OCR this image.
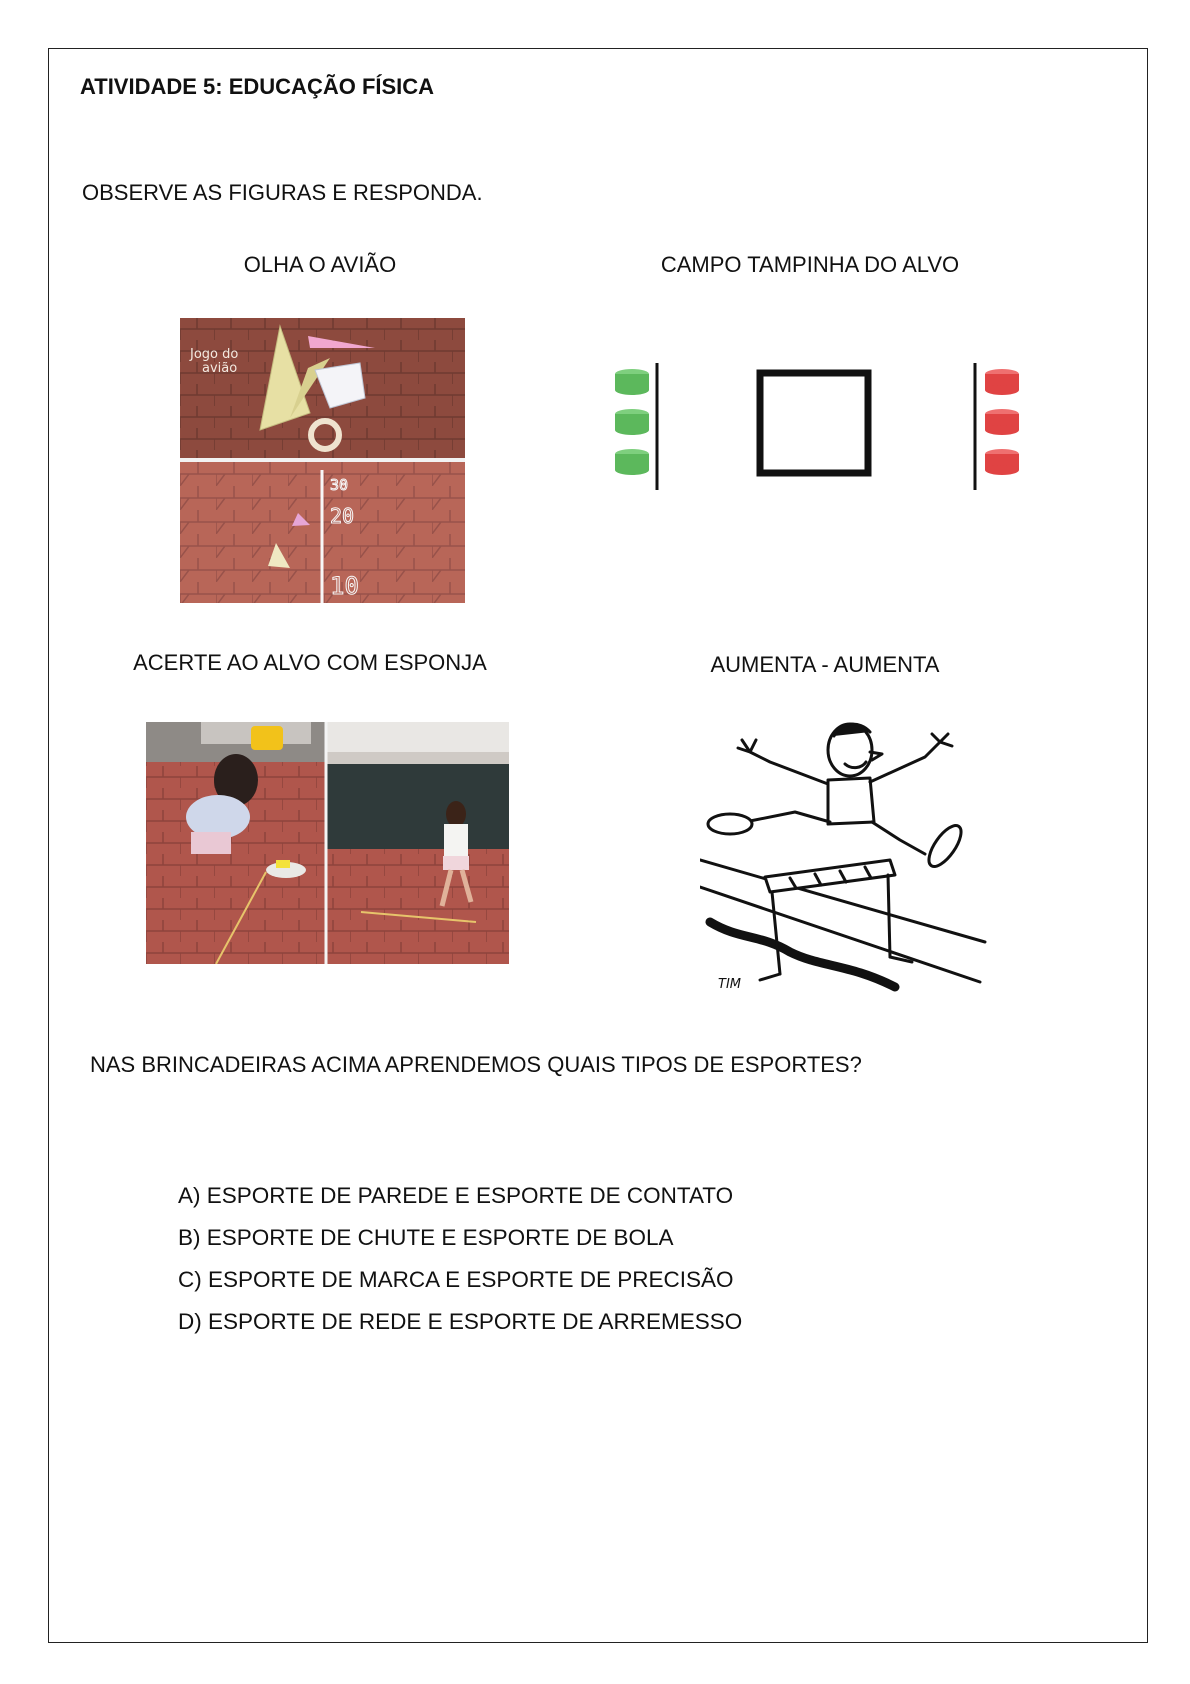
ATIVIDADE 5: EDUCAÇÃO FÍSICA
OBSERVE AS FIGURAS E RESPONDA.
OLHA O AVIÃO	CAMPO TAMPINHA DO ALVO
Jogo do
avião
30
20
10
ACERTE AO ALVO COM ESPONJA	AUMENTA - AUMENTA
TIM
NAS BRINCADEIRAS ACIMA APRENDEMOS QUAIS TIPOS DE ESPORTES?
A) ESPORTE DE PAREDE E ESPORTE DE CONTATO
B) ESPORTE DE CHUTE E ESPORTE DE BOLA
C) ESPORTE DE MARCA E ESPORTE DE PRECISÃO
D) ESPORTE DE REDE E ESPORTE DE ARREMESSO
